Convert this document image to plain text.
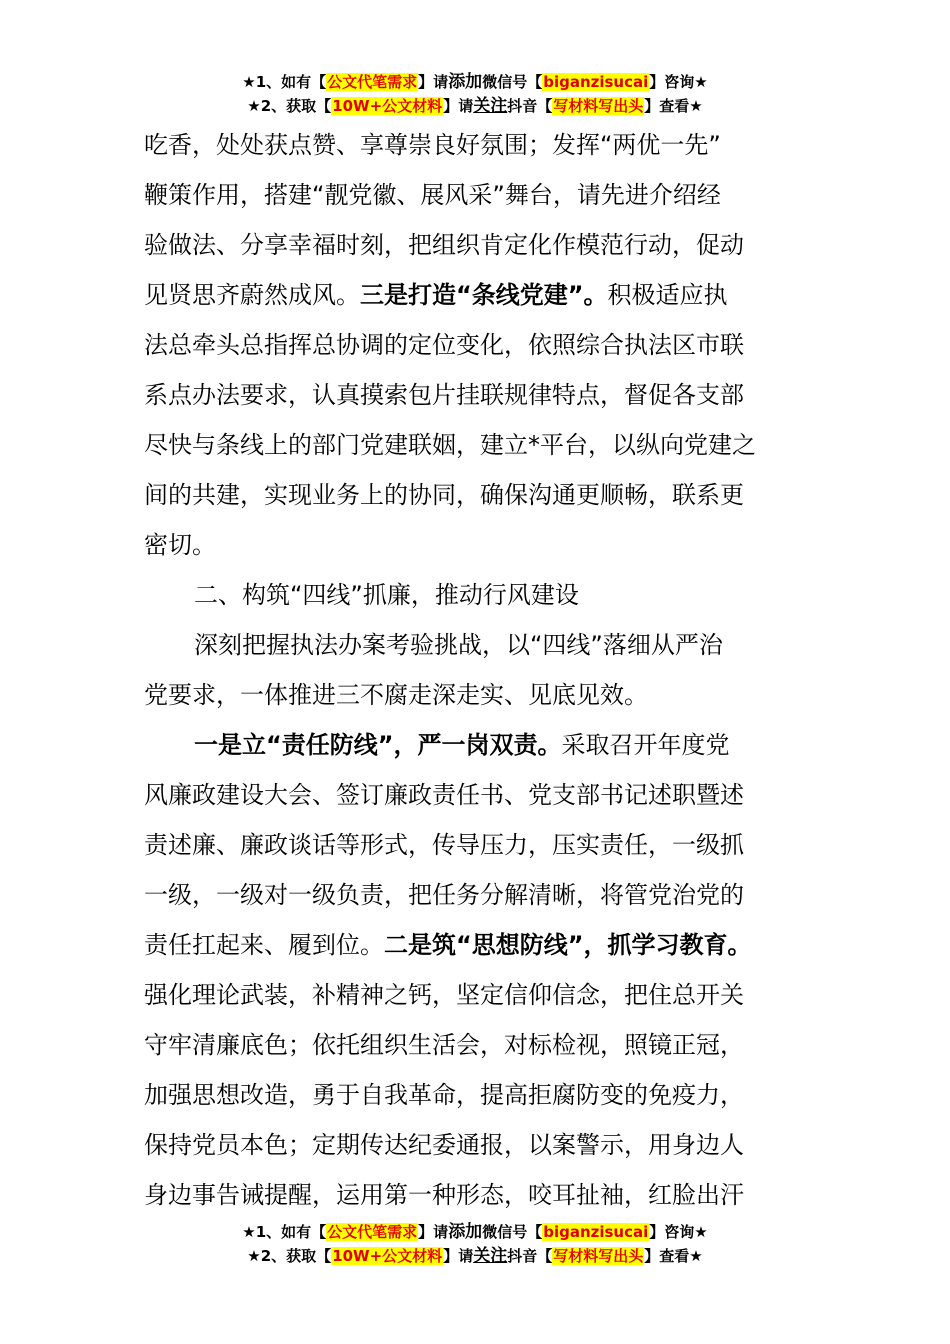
★1、如有【公文代笔需求】请添加微信号【biganzisucai】咨询★
★2、获取【10W+公文材料】请关注抖音【写材料写出头】查看★

吃香，处处获点赞、享尊崇良好氛围；发挥“两优一先”

鞭策作用，搭建“靓党徽、展风采”舞台，请先进介绍经

验做法、分享幸福时刻，把组织肯定化作模范行动，促动

见贤思齐蔚然成风。三是打造“条线党建”。积极适应执

法总牵头总指挥总协调的定位变化，依照综合执法区市联

系点办法要求，认真摸索包片挂联规律特点，督促各支部

尽快与条线上的部门党建联姻，建立*平台，以纵向党建之

间的共建，实现业务上的协同，确保沟通更顺畅，联系更

密切。

二、构筑“四线”抓廉，推动行风建设

深刻把握执法办案考验挑战，以“四线”落细从严治

党要求，一体推进三不腐走深走实、见底见效。

一是立“责任防线”，严一岗双责。采取召开年度党

风廉政建设大会、签订廉政责任书、党支部书记述职暨述

责述廉、廉政谈话等形式，传导压力，压实责任，一级抓

一级，一级对一级负责，把任务分解清晰，将管党治党的

责任扛起来、履到位。二是筑“思想防线”，抓学习教育。

强化理论武装，补精神之钙，坚定信仰信念，把住总开关

守牢清廉底色；依托组织生活会，对标检视，照镜正冠，

加强思想改造，勇于自我革命，提高拒腐防变的免疫力，

保持党员本色；定期传达纪委通报，以案警示，用身边人

身边事告诫提醒，运用第一种形态，咬耳扯袖，红脸出汗

★1、如有【公文代笔需求】请添加微信号【biganzisucai】咨询★
★2、获取【10W+公文材料】请关注抖音【写材料写出头】查看★
